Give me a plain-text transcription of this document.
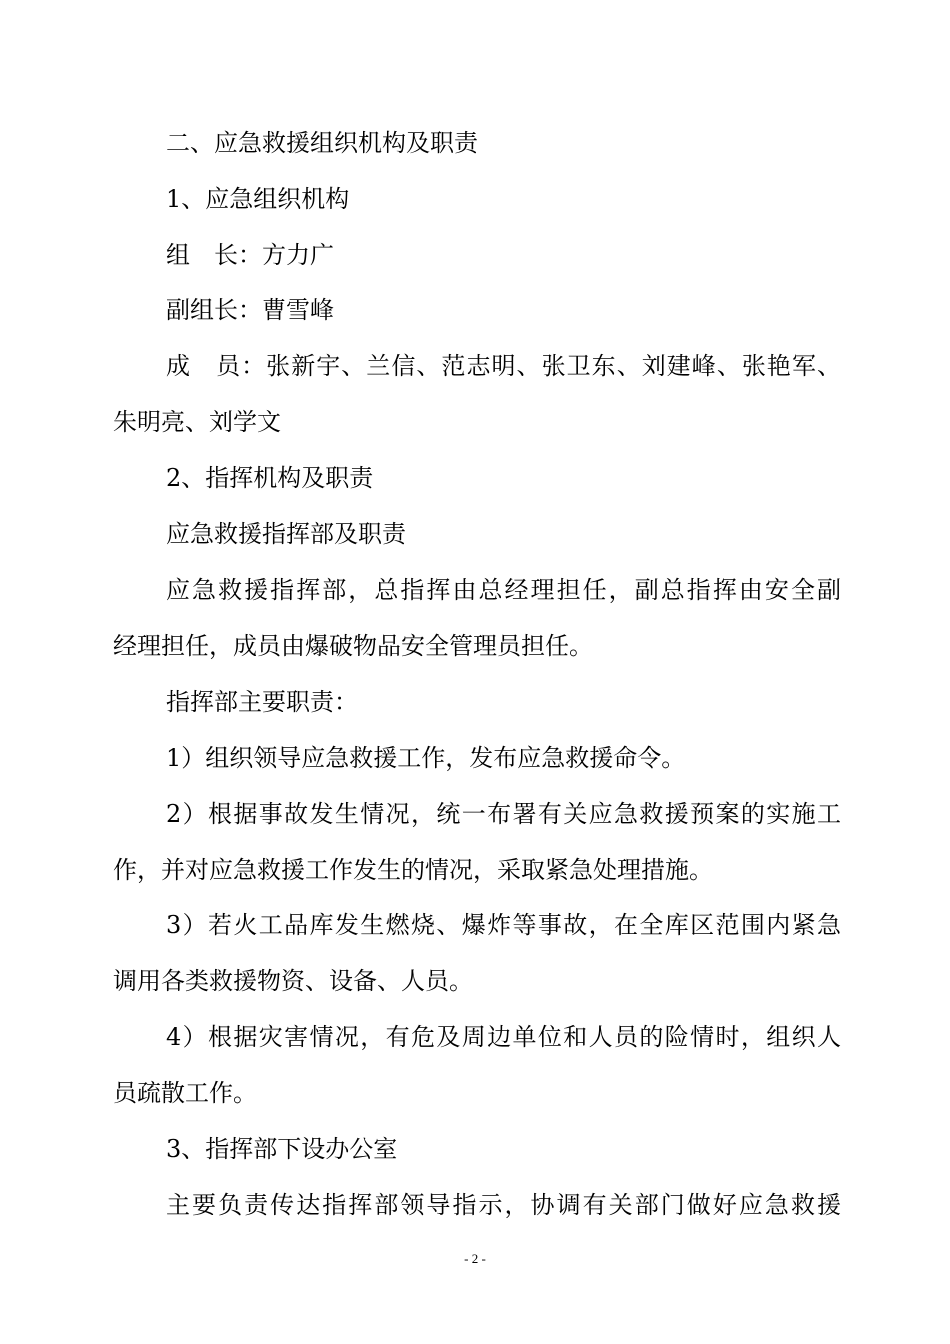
二、应急救援组织机构及职责
1、应急组织机构
组　长：方力广
副组长：曹雪峰
成　员：张新宇、兰信、范志明、张卫东、刘建峰、张艳军、
朱明亮、刘学文
2、指挥机构及职责
应急救援指挥部及职责
应急救援指挥部，总指挥由总经理担任，副总指挥由安全副
经理担任，成员由爆破物品安全管理员担任。
指挥部主要职责：
1）组织领导应急救援工作，发布应急救援命令。
2）根据事故发生情况，统一布署有关应急救援预案的实施工
作，并对应急救援工作发生的情况，采取紧急处理措施。
3）若火工品库发生燃烧、爆炸等事故，在全库区范围内紧急
调用各类救援物资、设备、人员。
4）根据灾害情况，有危及周边单位和人员的险情时，组织人
员疏散工作。
3、指挥部下设办公室
主要负责传达指挥部领导指示，协调有关部门做好应急救援
- 2 -
